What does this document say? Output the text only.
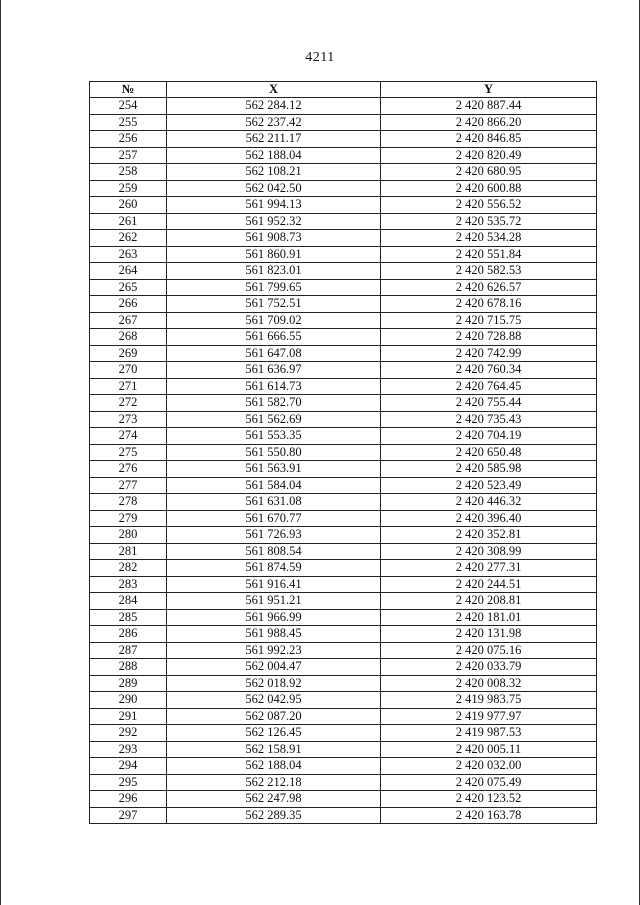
4211
№	X	Y
254	562 284.12	2 420 887.44
255	562 237.42	2 420 866.20
256	562 211.17	2 420 846.85
257	562 188.04	2 420 820.49
258	562 108.21	2 420 680.95
259	562 042.50	2 420 600.88
260	561 994.13	2 420 556.52
261	561 952.32	2 420 535.72
262	561 908.73	2 420 534.28
263	561 860.91	2 420 551.84
264	561 823.01	2 420 582.53
265	561 799.65	2 420 626.57
266	561 752.51	2 420 678.16
267	561 709.02	2 420 715.75
268	561 666.55	2 420 728.88
269	561 647.08	2 420 742.99
270	561 636.97	2 420 760.34
271	561 614.73	2 420 764.45
272	561 582.70	2 420 755.44
273	561 562.69	2 420 735.43
274	561 553.35	2 420 704.19
275	561 550.80	2 420 650.48
276	561 563.91	2 420 585.98
277	561 584.04	2 420 523.49
278	561 631.08	2 420 446.32
279	561 670.77	2 420 396.40
280	561 726.93	2 420 352.81
281	561 808.54	2 420 308.99
282	561 874.59	2 420 277.31
283	561 916.41	2 420 244.51
284	561 951.21	2 420 208.81
285	561 966.99	2 420 181.01
286	561 988.45	2 420 131.98
287	561 992.23	2 420 075.16
288	562 004.47	2 420 033.79
289	562 018.92	2 420 008.32
290	562 042.95	2 419 983.75
291	562 087.20	2 419 977.97
292	562 126.45	2 419 987.53
293	562 158.91	2 420 005.11
294	562 188.04	2 420 032.00
295	562 212.18	2 420 075.49
296	562 247.98	2 420 123.52
297	562 289.35	2 420 163.78
